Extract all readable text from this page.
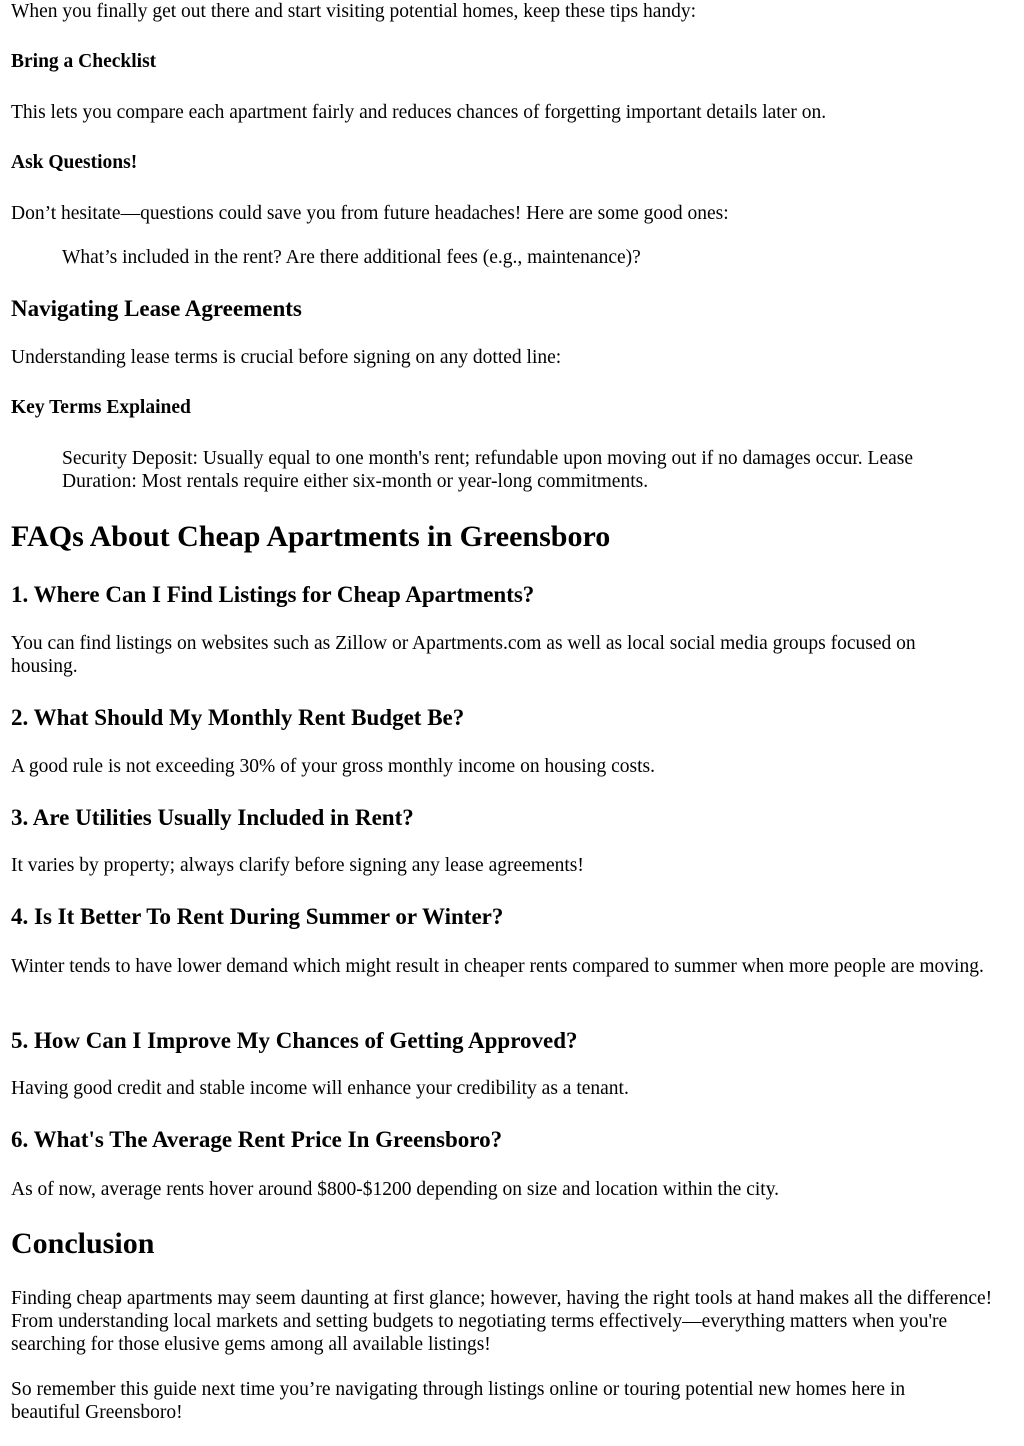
When you finally get out there and start visiting potential homes, keep these tips handy:

Bring a Checklist

This lets you compare each apartment fairly and reduces chances of forgetting important details later on.

Ask Questions!

Don’t hesitate—questions could save you from future headaches! Here are some good ones:

What’s included in the rent? Are there additional fees (e.g., maintenance)?

Navigating Lease Agreements

Understanding lease terms is crucial before signing on any dotted line:

Key Terms Explained

Security Deposit: Usually equal to one month's rent; refundable upon moving out if no damages occur. Lease Duration: Most rentals require either six-month or year-long commitments.

FAQs About Cheap Apartments in Greensboro
1. Where Can I Find Listings for Cheap Apartments?

You can find listings on websites such as Zillow or Apartments.com as well as local social media groups focused on housing.

2. What Should My Monthly Rent Budget Be?

A good rule is not exceeding 30% of your gross monthly income on housing costs.

3. Are Utilities Usually Included in Rent?

It varies by property; always clarify before signing any lease agreements!

4. Is It Better To Rent During Summer or Winter?

Winter tends to have lower demand which might result in cheaper rents compared to summer when more people are moving.

5. How Can I Improve My Chances of Getting Approved?

Having good credit and stable income will enhance your credibility as a tenant.

6. What's The Average Rent Price In Greensboro?

As of now, average rents hover around $800-$1200 depending on size and location within the city.

Conclusion

Finding cheap apartments may seem daunting at first glance; however, having the right tools at hand makes all the difference! From understanding local markets and setting budgets to negotiating terms effectively—everything matters when you're searching for those elusive gems among all available listings!

So remember this guide next time you’re navigating through listings online or touring potential new homes here in beautiful Greensboro!
